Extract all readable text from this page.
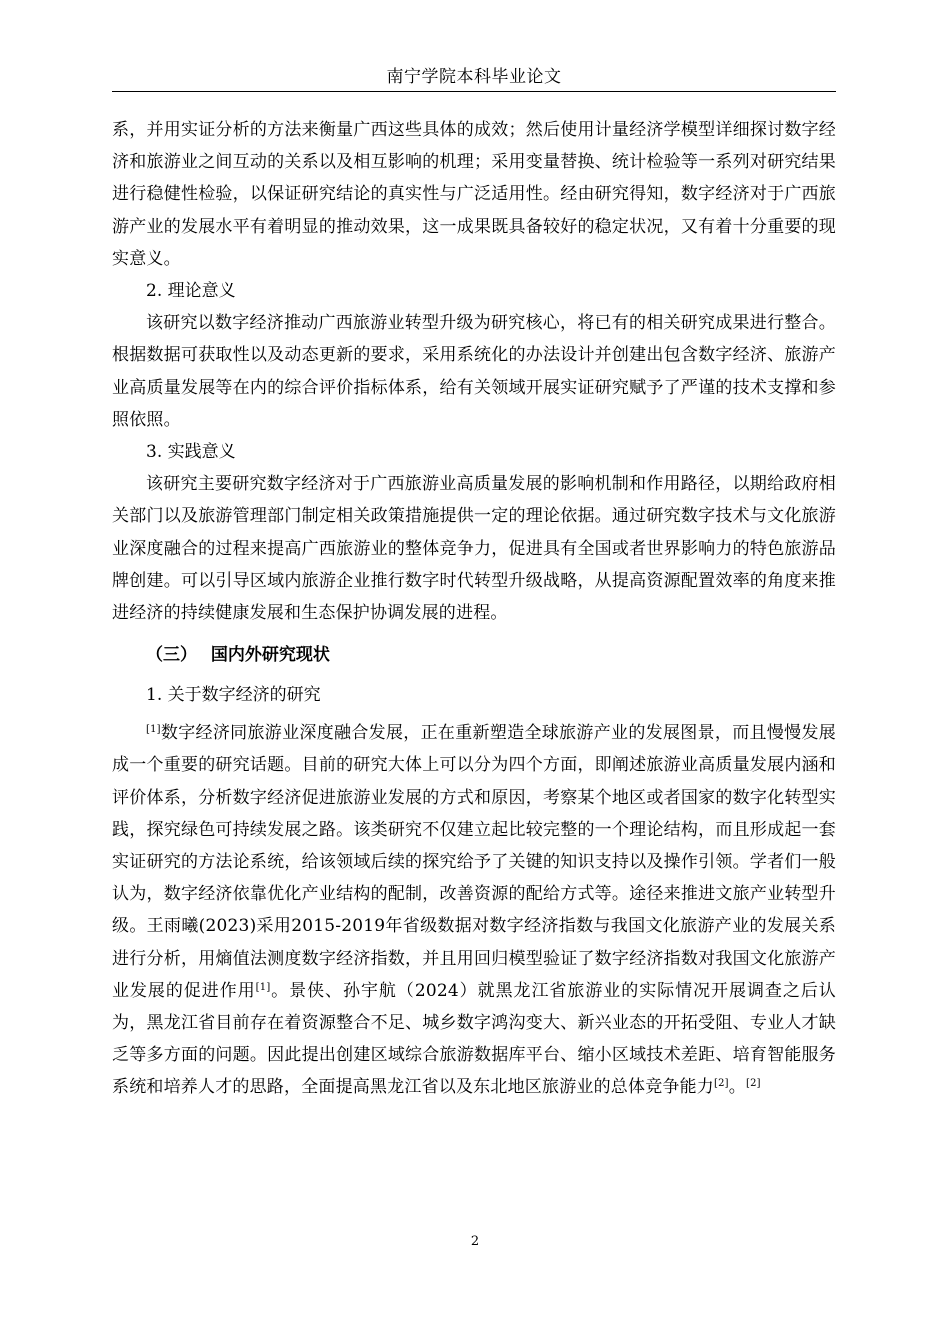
南宁学院本科毕业论文

系，并用实证分析的方法来衡量广西这些具体的成效；然后使用计量经济学模型详细探讨数字经济和旅游业之间互动的关系以及相互影响的机理；采用变量替换、统计检验等一系列对研究结果进行稳健性检验，以保证研究结论的真实性与广泛适用性。经由研究得知，数字经济对于广西旅游产业的发展水平有着明显的推动效果，这一成果既具备较好的稳定状况，又有着十分重要的现实意义。

2. 理论意义

该研究以数字经济推动广西旅游业转型升级为研究核心，将已有的相关研究成果进行整合。根据数据可获取性以及动态更新的要求，采用系统化的办法设计并创建出包含数字经济、旅游产业高质量发展等在内的综合评价指标体系，给有关领域开展实证研究赋予了严谨的技术支撑和参照依照。

3. 实践意义

该研究主要研究数字经济对于广西旅游业高质量发展的影响机制和作用路径，以期给政府相关部门以及旅游管理部门制定相关政策措施提供一定的理论依据。通过研究数字技术与文化旅游业深度融合的过程来提高广西旅游业的整体竞争力，促进具有全国或者世界影响力的特色旅游品牌创建。可以引导区域内旅游企业推行数字时代转型升级战略，从提高资源配置效率的角度来推进经济的持续健康发展和生态保护协调发展的进程。

（三） 国内外研究现状

1. 关于数字经济的研究

[1]数字经济同旅游业深度融合发展，正在重新塑造全球旅游产业的发展图景，而且慢慢发展成一个重要的研究话题。目前的研究大体上可以分为四个方面，即阐述旅游业高质量发展内涵和评价体系，分析数字经济促进旅游业发展的方式和原因，考察某个地区或者国家的数字化转型实践，探究绿色可持续发展之路。该类研究不仅建立起比较完整的一个理论结构，而且形成起一套实证研究的方法论系统，给该领域后续的探究给予了关键的知识支持以及操作引领。学者们一般认为，数字经济依靠优化产业结构的配制，改善资源的配给方式等。途径来推进文旅产业转型升级。王雨曦(2023)采用2015-2019年省级数据对数字经济指数与我国文化旅游产业的发展关系进行分析，用熵值法测度数字经济指数，并且用回归模型验证了数字经济指数对我国文化旅游产业发展的促进作用[1]。景侠、孙宇航（2024）就黑龙江省旅游业的实际情况开展调查之后认为，黑龙江省目前存在着资源整合不足、城乡数字鸿沟变大、新兴业态的开拓受阻、专业人才缺乏等多方面的问题。因此提出创建区域综合旅游数据库平台、缩小区域技术差距、培育智能服务系统和培养人才的思路，全面提高黑龙江省以及东北地区旅游业的总体竞争能力[2]。[2]

2
